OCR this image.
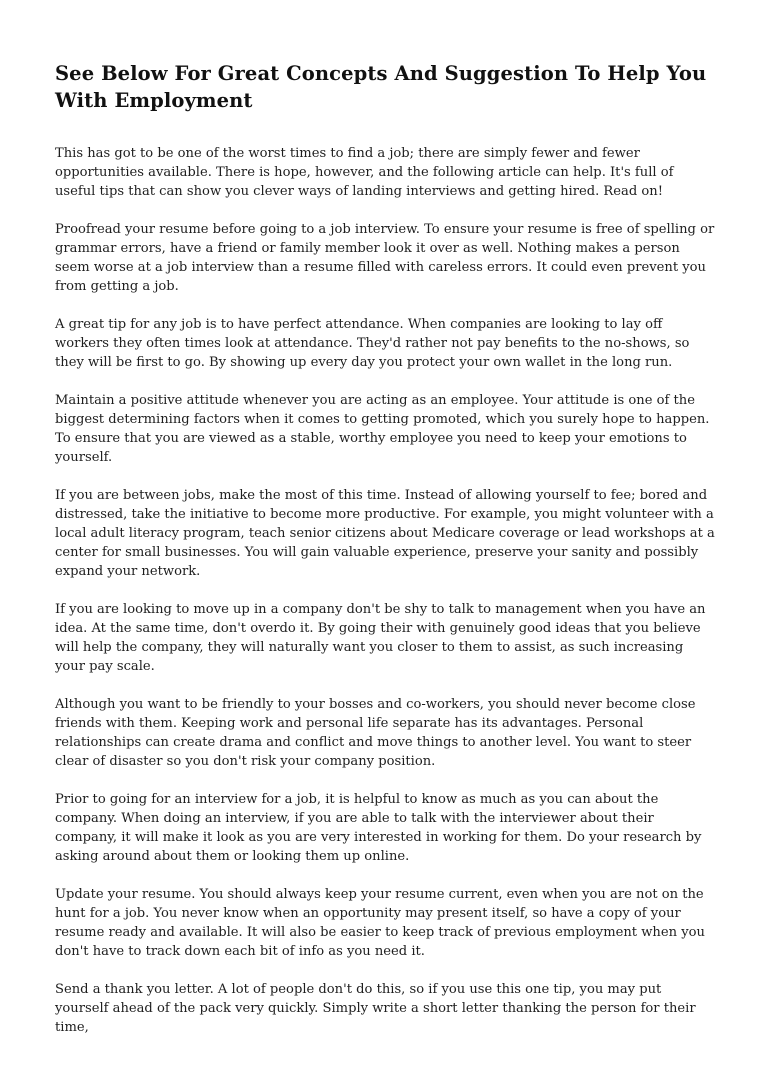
See Below For Great Concepts And Suggestion To Help You With Employment

This has got to be one of the worst times to find a job; there are simply fewer and fewer opportunities available. There is hope, however, and the following article can help. It's full of useful tips that can show you clever ways of landing interviews and getting hired. Read on!

Proofread your resume before going to a job interview. To ensure your resume is free of spelling or grammar errors, have a friend or family member look it over as well. Nothing makes a person seem worse at a job interview than a resume filled with careless errors. It could even prevent you from getting a job.

A great tip for any job is to have perfect attendance. When companies are looking to lay off workers they often times look at attendance. They'd rather not pay benefits to the no-shows, so they will be first to go. By showing up every day you protect your own wallet in the long run.

Maintain a positive attitude whenever you are acting as an employee. Your attitude is one of the biggest determining factors when it comes to getting promoted, which you surely hope to happen. To ensure that you are viewed as a stable, worthy employee you need to keep your emotions to yourself.

If you are between jobs, make the most of this time. Instead of allowing yourself to fee; bored and distressed, take the initiative to become more productive. For example, you might volunteer with a local adult literacy program, teach senior citizens about Medicare coverage or lead workshops at a center for small businesses. You will gain valuable experience, preserve your sanity and possibly expand your network.

If you are looking to move up in a company don't be shy to talk to management when you have an idea. At the same time, don't overdo it. By going their with genuinely good ideas that you believe will help the company, they will naturally want you closer to them to assist, as such increasing your pay scale.

Although you want to be friendly to your bosses and co-workers, you should never become close friends with them. Keeping work and personal life separate has its advantages. Personal relationships can create drama and conflict and move things to another level. You want to steer clear of disaster so you don't risk your company position.

Prior to going for an interview for a job, it is helpful to know as much as you can about the company. When doing an interview, if you are able to talk with the interviewer about their company, it will make it look as you are very interested in working for them. Do your research by asking around about them or looking them up online.

Update your resume. You should always keep your resume current, even when you are not on the hunt for a job. You never know when an opportunity may present itself, so have a copy of your resume ready and available. It will also be easier to keep track of previous employment when you don't have to track down each bit of info as you need it.

Send a thank you letter. A lot of people don't do this, so if you use this one tip, you may put yourself ahead of the pack very quickly. Simply write a short letter thanking the person for their time,
